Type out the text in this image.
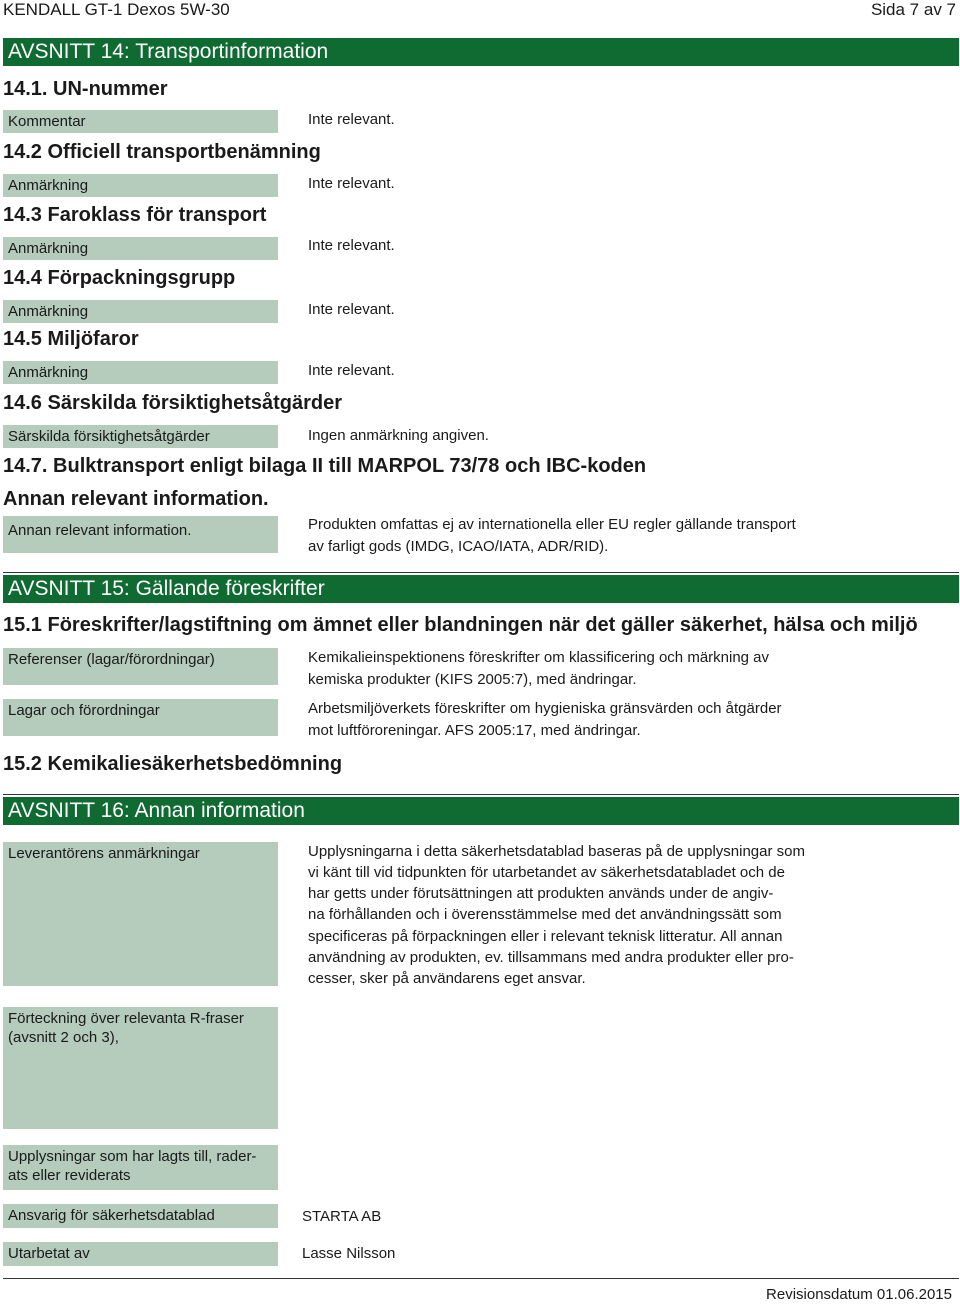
KENDALL GT-1 Dexos 5W-30	Sida 7 av 7
AVSNITT 14: Transportinformation
14.1. UN-nummer
Kommentar	Inte relevant.
14.2 Officiell transportbenämning
Anmärkning	Inte relevant.
14.3 Faroklass för transport
Anmärkning	Inte relevant.
14.4 Förpackningsgrupp
Anmärkning	Inte relevant.
14.5 Miljöfaror
Anmärkning	Inte relevant.
14.6 Särskilda försiktighetsåtgärder
Särskilda försiktighetsåtgärder	Ingen anmärkning angiven.
14.7. Bulktransport enligt bilaga II till MARPOL 73/78 och IBC-koden
Annan relevant information.
Annan relevant information.	Produkten omfattas ej av internationella eller EU regler gällande transport
av farligt gods (IMDG, ICAO/IATA, ADR/RID).
AVSNITT 15: Gällande föreskrifter
15.1 Föreskrifter/lagstiftning om ämnet eller blandningen när det gäller säkerhet, hälsa och miljö
Referenser (lagar/förordningar)	Kemikalieinspektionens föreskrifter om klassificering och märkning av
kemiska produkter (KIFS 2005:7), med ändringar.
Lagar och förordningar	Arbetsmiljöverkets föreskrifter om hygieniska gränsvärden och åtgärder
mot luftföroreningar. AFS 2005:17, med ändringar.
15.2 Kemikaliesäkerhetsbedömning
AVSNITT 16: Annan information
Leverantörens anmärkningar	Upplysningarna i detta säkerhetsdatablad baseras på de upplysningar som
vi känt till vid tidpunkten för utarbetandet av säkerhetsdatabladet och de
har getts under förutsättningen att produkten används under de angiv-
na förhållanden och i överensstämmelse med det användningssätt som
specificeras på förpackningen eller i relevant teknisk litteratur. All annan
användning av produkten, ev. tillsammans med andra produkter eller pro-
cesser, sker på användarens eget ansvar.
Förteckning över relevanta R-fraser
(avsnitt 2 och 3),
Upplysningar som har lagts till, rader-
ats eller reviderats
Ansvarig för säkerhetsdatablad	STARTA AB
Utarbetat av	Lasse Nilsson
Revisionsdatum 01.06.2015
